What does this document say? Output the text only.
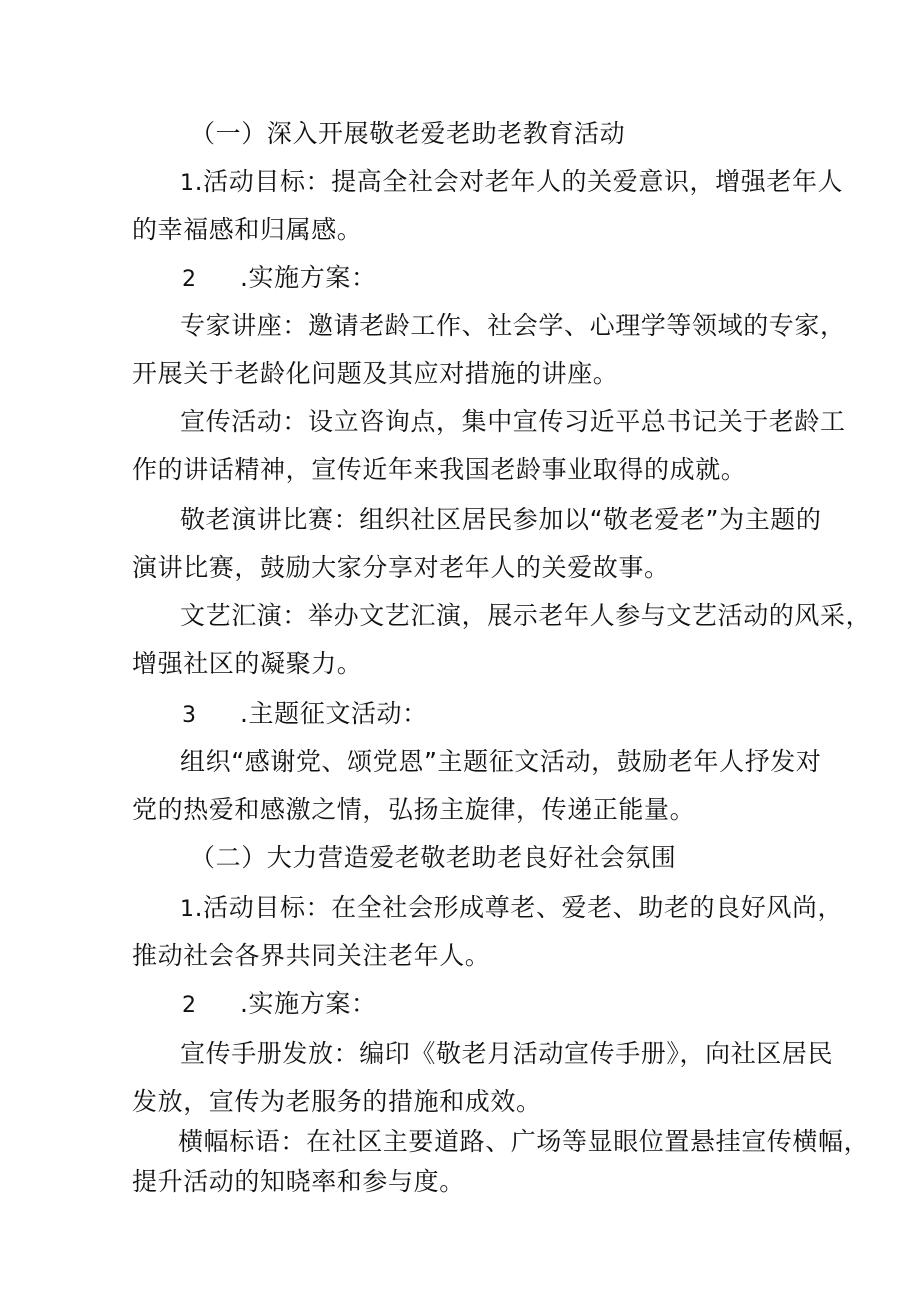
（一）深入开展敬老爱老助老教育活动
1.活动目标：提高全社会对老年人的关爱意识，增强老年人
的幸福感和归属感。
2 .实施方案：
专家讲座：邀请老龄工作、社会学、心理学等领域的专家，
开展关于老龄化问题及其应对措施的讲座。
宣传活动：设立咨询点，集中宣传习近平总书记关于老龄工
作的讲话精神，宣传近年来我国老龄事业取得的成就。
敬老演讲比赛：组织社区居民参加以“敬老爱老”为主题的
演讲比赛，鼓励大家分享对老年人的关爱故事。
文艺汇演：举办文艺汇演，展示老年人参与文艺活动的风采，
增强社区的凝聚力。
3 .主题征文活动：
组织“感谢党、颂党恩”主题征文活动，鼓励老年人抒发对
党的热爱和感激之情，弘扬主旋律，传递正能量。
（二）大力营造爱老敬老助老良好社会氛围
1.活动目标：在全社会形成尊老、爱老、助老的良好风尚，
推动社会各界共同关注老年人。
2 .实施方案：
宣传手册发放：编印《敬老月活动宣传手册》，向社区居民
发放，宣传为老服务的措施和成效。
横幅标语：在社区主要道路、广场等显眼位置悬挂宣传横幅，
提升活动的知晓率和参与度。
